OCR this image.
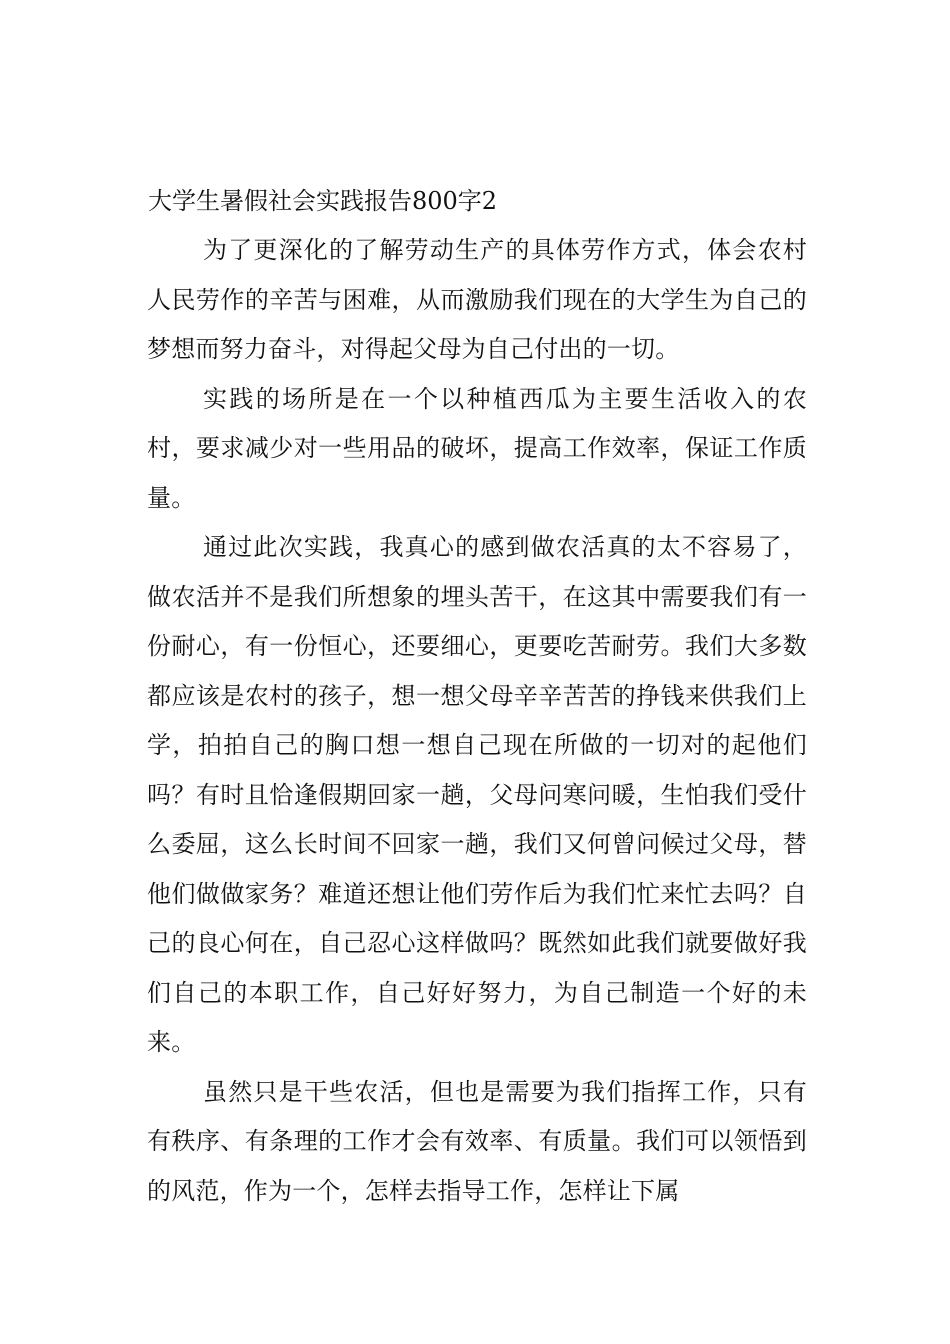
大学生暑假社会实践报告800字2

为了更深化的了解劳动生产的具体劳作方式，体会农村人民劳作的辛苦与困难，从而激励我们现在的大学生为自己的梦想而努力奋斗，对得起父母为自己付出的一切。

实践的场所是在一个以种植西瓜为主要生活收入的农村，要求减少对一些用品的破坏，提高工作效率，保证工作质量。

通过此次实践，我真心的感到做农活真的太不容易了，做农活并不是我们所想象的埋头苦干，在这其中需要我们有一份耐心，有一份恒心，还要细心，更要吃苦耐劳。我们大多数都应该是农村的孩子，想一想父母辛辛苦苦的挣钱来供我们上学，拍拍自己的胸口想一想自己现在所做的一切对的起他们吗？有时且恰逢假期回家一趟，父母问寒问暖，生怕我们受什么委屈，这么长时间不回家一趟，我们又何曾问候过父母，替他们做做家务？难道还想让他们劳作后为我们忙来忙去吗？自己的良心何在，自己忍心这样做吗？既然如此我们就要做好我们自己的本职工作，自己好好努力，为自己制造一个好的未来。

虽然只是干些农活，但也是需要为我们指挥工作，只有有秩序、有条理的工作才会有效率、有质量。我们可以领悟到的风范，作为一个，怎样去指导工作，怎样让下属
